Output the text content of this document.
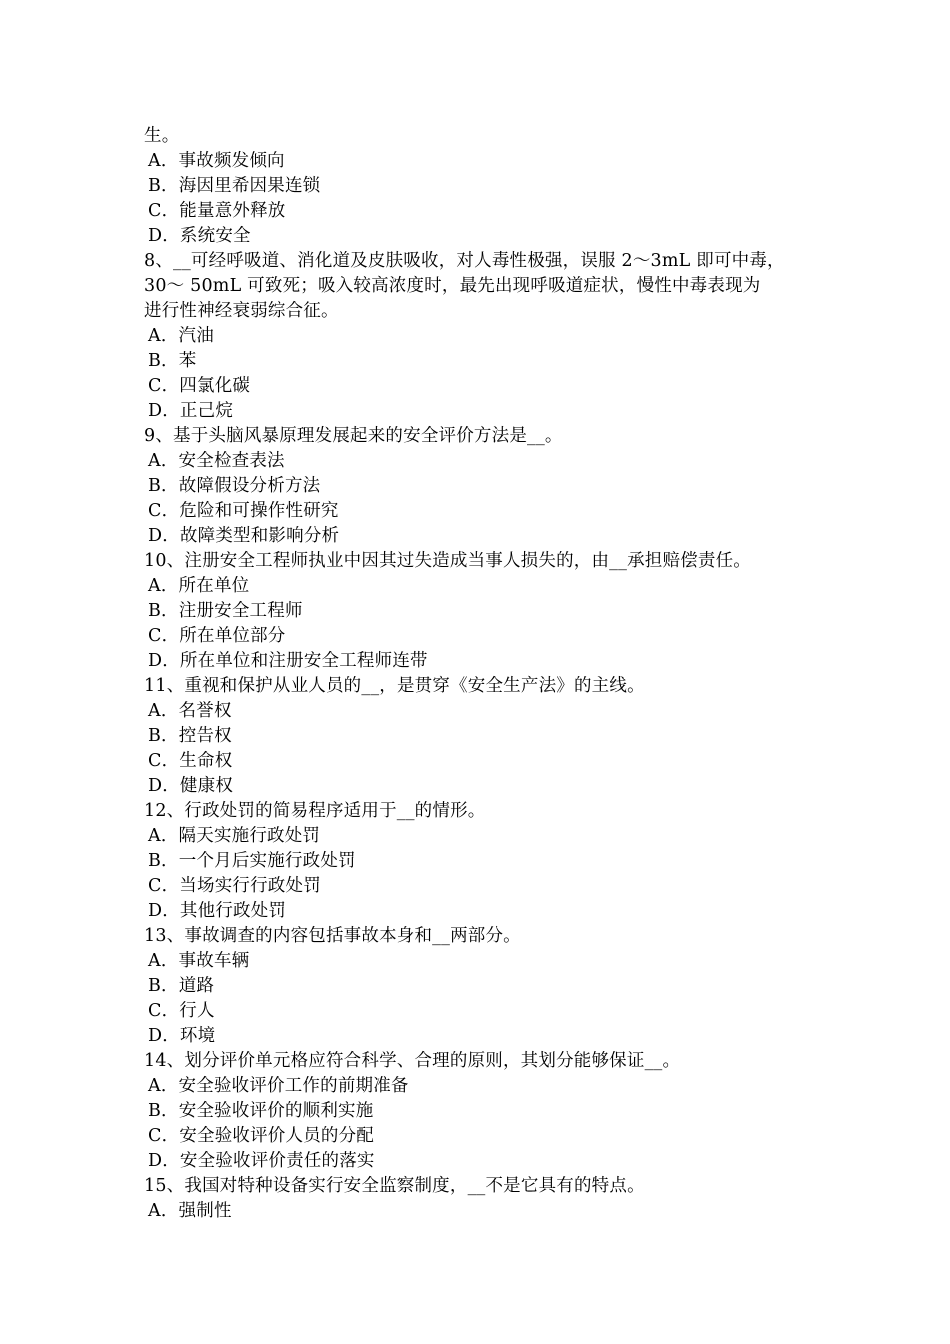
生。
A．事故频发倾向
B．海因里希因果连锁
C．能量意外释放
D．系统安全
8、__可经呼吸道、消化道及皮肤吸收，对人毒性极强，误服 2～3mL 即可中毒，
30～ 50mL 可致死；吸入较高浓度时，最先出现呼吸道症状，慢性中毒表现为
进行性神经衰弱综合征。
A．汽油
B．苯
C．四氯化碳
D．正己烷
9、基于头脑风暴原理发展起来的安全评价方法是__。
A．安全检查表法
B．故障假设分析方法
C．危险和可操作性研究
D．故障类型和影响分析
10、注册安全工程师执业中因其过失造成当事人损失的，由__承担赔偿责任。
A．所在单位
B．注册安全工程师
C．所在单位部分
D．所在单位和注册安全工程师连带
11、重视和保护从业人员的__，是贯穿《安全生产法》的主线。
A．名誉权
B．控告权
C．生命权
D．健康权
12、行政处罚的简易程序适用于__的情形。
A．隔天实施行政处罚
B．一个月后实施行政处罚
C．当场实行行政处罚
D．其他行政处罚
13、事故调查的内容包括事故本身和__两部分。
A．事故车辆
B．道路
C．行人
D．环境
14、划分评价单元格应符合科学、合理的原则，其划分能够保证__。
A．安全验收评价工作的前期准备
B．安全验收评价的顺利实施
C．安全验收评价人员的分配
D．安全验收评价责任的落实
15、我国对特种设备实行安全监察制度，__不是它具有的特点。
A．强制性
